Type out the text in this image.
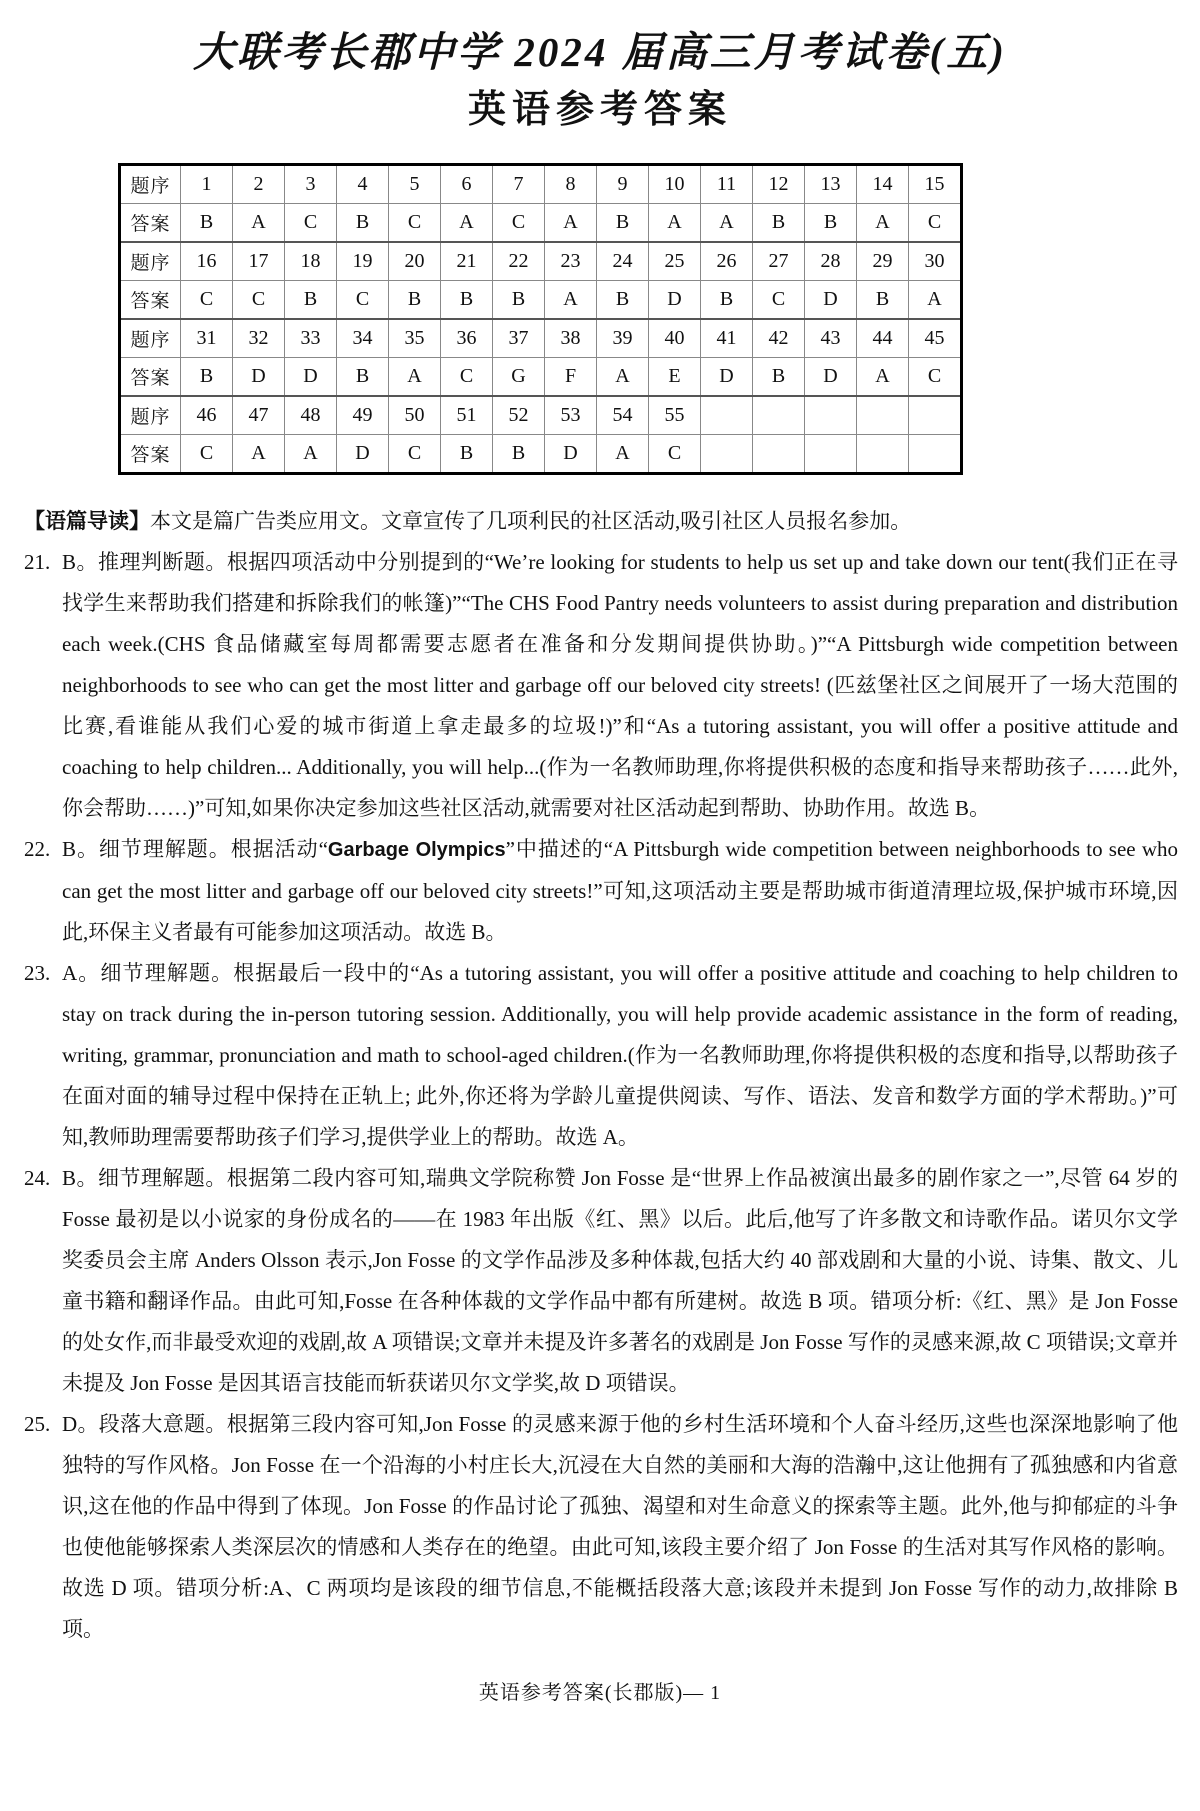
大联考长郡中学 2024 届高三月考试卷(五)
英语参考答案
题序	1	2	3	4	5	6	7	8	9	10	11	12	13	14	15
答案	B	A	C	B	C	A	C	A	B	A	A	B	B	A	C
题序	16	17	18	19	20	21	22	23	24	25	26	27	28	29	30
答案	C	C	B	C	B	B	B	A	B	D	B	C	D	B	A
题序	31	32	33	34	35	36	37	38	39	40	41	42	43	44	45
答案	B	D	D	B	A	C	G	F	A	E	D	B	D	A	C
题序	46	47	48	49	50	51	52	53	54	55					
答案	C	A	A	D	C	B	B	D	A	C					

【语篇导读】本文是篇广告类应用文。文章宣传了几项利民的社区活动,吸引社区人员报名参加。

21. B。推理判断题。根据四项活动中分别提到的“We’re looking for students to help us set up and take down our tent(我们正在寻找学生来帮助我们搭建和拆除我们的帐篷)”“The CHS Food Pantry needs volunteers to assist during preparation and distribution each week.(CHS 食品储藏室每周都需要志愿者在准备和分发期间提供协助。)”“A Pittsburgh wide competition between neighborhoods to see who can get the most litter and garbage off our beloved city streets! (匹兹堡社区之间展开了一场大范围的比赛,看谁能从我们心爱的城市街道上拿走最多的垃圾!)”和“As a tutoring assistant, you will offer a positive attitude and coaching to help children... Additionally, you will help...(作为一名教师助理,你将提供积极的态度和指导来帮助孩子……此外,你会帮助……)”可知,如果你决定参加这些社区活动,就需要对社区活动起到帮助、协助作用。故选 B。
22. B。细节理解题。根据活动“Garbage Olympics”中描述的“A Pittsburgh wide competition between neighborhoods to see who can get the most litter and garbage off our beloved city streets!”可知,这项活动主要是帮助城市街道清理垃圾,保护城市环境,因此,环保主义者最有可能参加这项活动。故选 B。
23. A。细节理解题。根据最后一段中的“As a tutoring assistant, you will offer a positive attitude and coaching to help children to stay on track during the in-person tutoring session. Additionally, you will help provide academic assistance in the form of reading, writing, grammar, pronunciation and math to school-aged children.(作为一名教师助理,你将提供积极的态度和指导,以帮助孩子在面对面的辅导过程中保持在正轨上; 此外,你还将为学龄儿童提供阅读、写作、语法、发音和数学方面的学术帮助。)”可知,教师助理需要帮助孩子们学习,提供学业上的帮助。故选 A。
24. B。细节理解题。根据第二段内容可知,瑞典文学院称赞 Jon Fosse 是“世界上作品被演出最多的剧作家之一”,尽管 64 岁的 Fosse 最初是以小说家的身份成名的——在 1983 年出版《红、黑》以后。此后,他写了许多散文和诗歌作品。诺贝尔文学奖委员会主席 Anders Olsson 表示,Jon Fosse 的文学作品涉及多种体裁,包括大约 40 部戏剧和大量的小说、诗集、散文、儿童书籍和翻译作品。由此可知,Fosse 在各种体裁的文学作品中都有所建树。故选 B 项。错项分析:《红、黑》是 Jon Fosse 的处女作,而非最受欢迎的戏剧,故 A 项错误;文章并未提及许多著名的戏剧是 Jon Fosse 写作的灵感来源,故 C 项错误;文章并未提及 Jon Fosse 是因其语言技能而斩获诺贝尔文学奖,故 D 项错误。
25. D。段落大意题。根据第三段内容可知,Jon Fosse 的灵感来源于他的乡村生活环境和个人奋斗经历,这些也深深地影响了他独特的写作风格。Jon Fosse 在一个沿海的小村庄长大,沉浸在大自然的美丽和大海的浩瀚中,这让他拥有了孤独感和内省意识,这在他的作品中得到了体现。Jon Fosse 的作品讨论了孤独、渴望和对生命意义的探索等主题。此外,他与抑郁症的斗争也使他能够探索人类深层次的情感和人类存在的绝望。由此可知,该段主要介绍了 Jon Fosse 的生活对其写作风格的影响。故选 D 项。错项分析:A、C 两项均是该段的细节信息,不能概括段落大意;该段并未提到 Jon Fosse 写作的动力,故排除 B 项。
英语参考答案(长郡版)— 1
